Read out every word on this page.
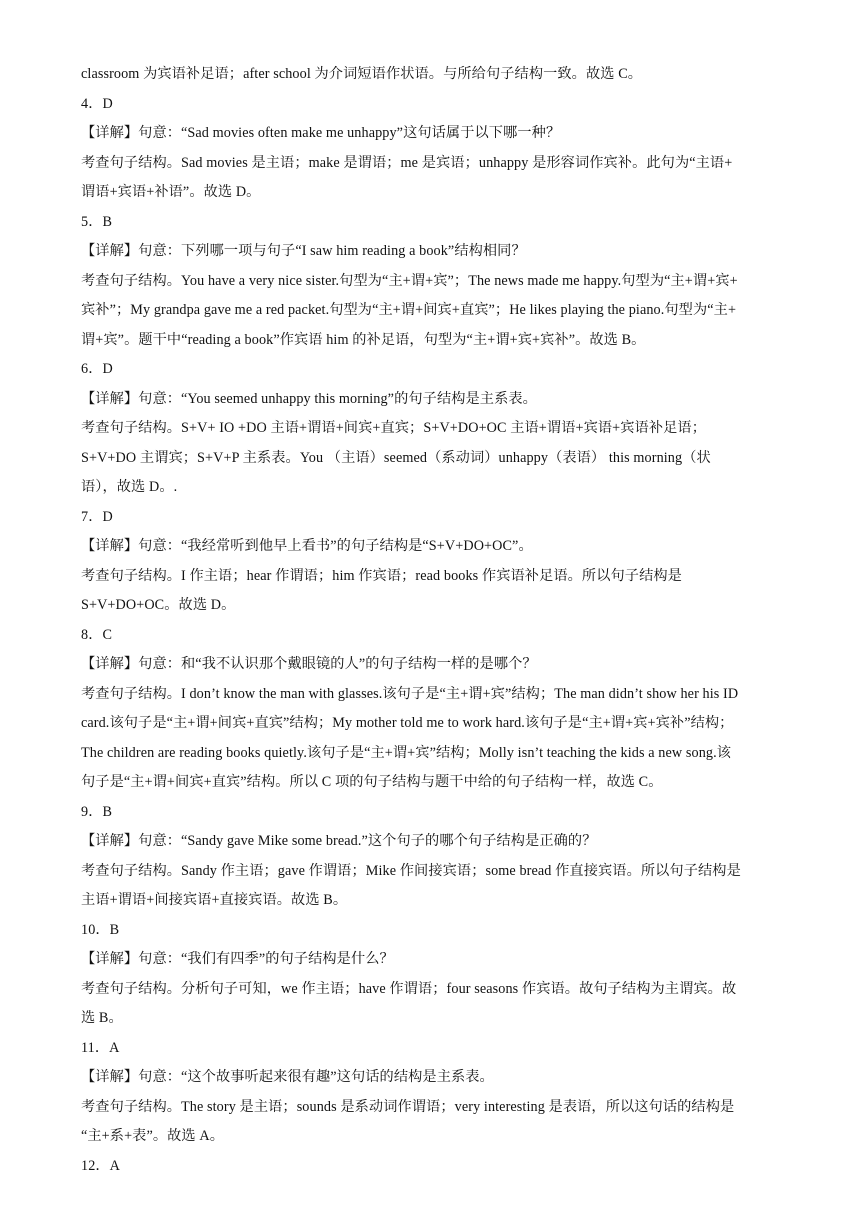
classroom 为宾语补足语；after school 为介词短语作状语。与所给句子结构一致。故选 C。
4．D
【详解】句意：“Sad movies often make me unhappy”这句话属于以下哪一种？
考查句子结构。Sad movies 是主语；make 是谓语；me 是宾语；unhappy 是形容词作宾补。此句为“主语+
谓语+宾语+补语”。故选 D。
5．B
【详解】句意：下列哪一项与句子“I saw him reading a book”结构相同？
考查句子结构。You have a very nice sister.句型为“主+谓+宾”；The news made me happy.句型为“主+谓+宾+
宾补”；My grandpa gave me a red packet.句型为“主+谓+间宾+直宾”；He likes playing the piano.句型为“主+
谓+宾”。题干中“reading a book”作宾语 him 的补足语，句型为“主+谓+宾+宾补”。故选 B。
6．D
【详解】句意：“You seemed unhappy this morning”的句子结构是主系表。
考查句子结构。S+V+ IO +DO 主语+谓语+间宾+直宾；S+V+DO+OC 主语+谓语+宾语+宾语补足语；
S+V+DO 主谓宾；S+V+P 主系表。You （主语）seemed（系动词）unhappy（表语） this morning（状
语），故选 D。.
7．D
【详解】句意：“我经常听到他早上看书”的句子结构是“S+V+DO+OC”。
考查句子结构。I 作主语；hear 作谓语；him 作宾语；read books 作宾语补足语。所以句子结构是
S+V+DO+OC。故选 D。
8．C
【详解】句意：和“我不认识那个戴眼镜的人”的句子结构一样的是哪个？
考查句子结构。I don’t know the man with glasses.该句子是“主+谓+宾”结构；The man didn’t show her his ID
card.该句子是“主+谓+间宾+直宾”结构；My mother told me to work hard.该句子是“主+谓+宾+宾补”结构；
The children are reading books quietly.该句子是“主+谓+宾”结构；Molly isn’t teaching the kids a new song.该
句子是“主+谓+间宾+直宾”结构。所以 C 项的句子结构与题干中给的句子结构一样，故选 C。
9．B
【详解】句意：“Sandy gave Mike some bread.”这个句子的哪个句子结构是正确的？
考查句子结构。Sandy 作主语；gave 作谓语；Mike 作间接宾语；some bread 作直接宾语。所以句子结构是
主语+谓语+间接宾语+直接宾语。故选 B。
10．B
【详解】句意：“我们有四季”的句子结构是什么？
考查句子结构。分析句子可知，we 作主语；have 作谓语；four seasons 作宾语。故句子结构为主谓宾。故
选 B。
11．A
【详解】句意：“这个故事听起来很有趣”这句话的结构是主系表。
考查句子结构。The story 是主语；sounds 是系动词作谓语；very interesting 是表语，所以这句话的结构是
“主+系+表”。故选 A。
12．A
